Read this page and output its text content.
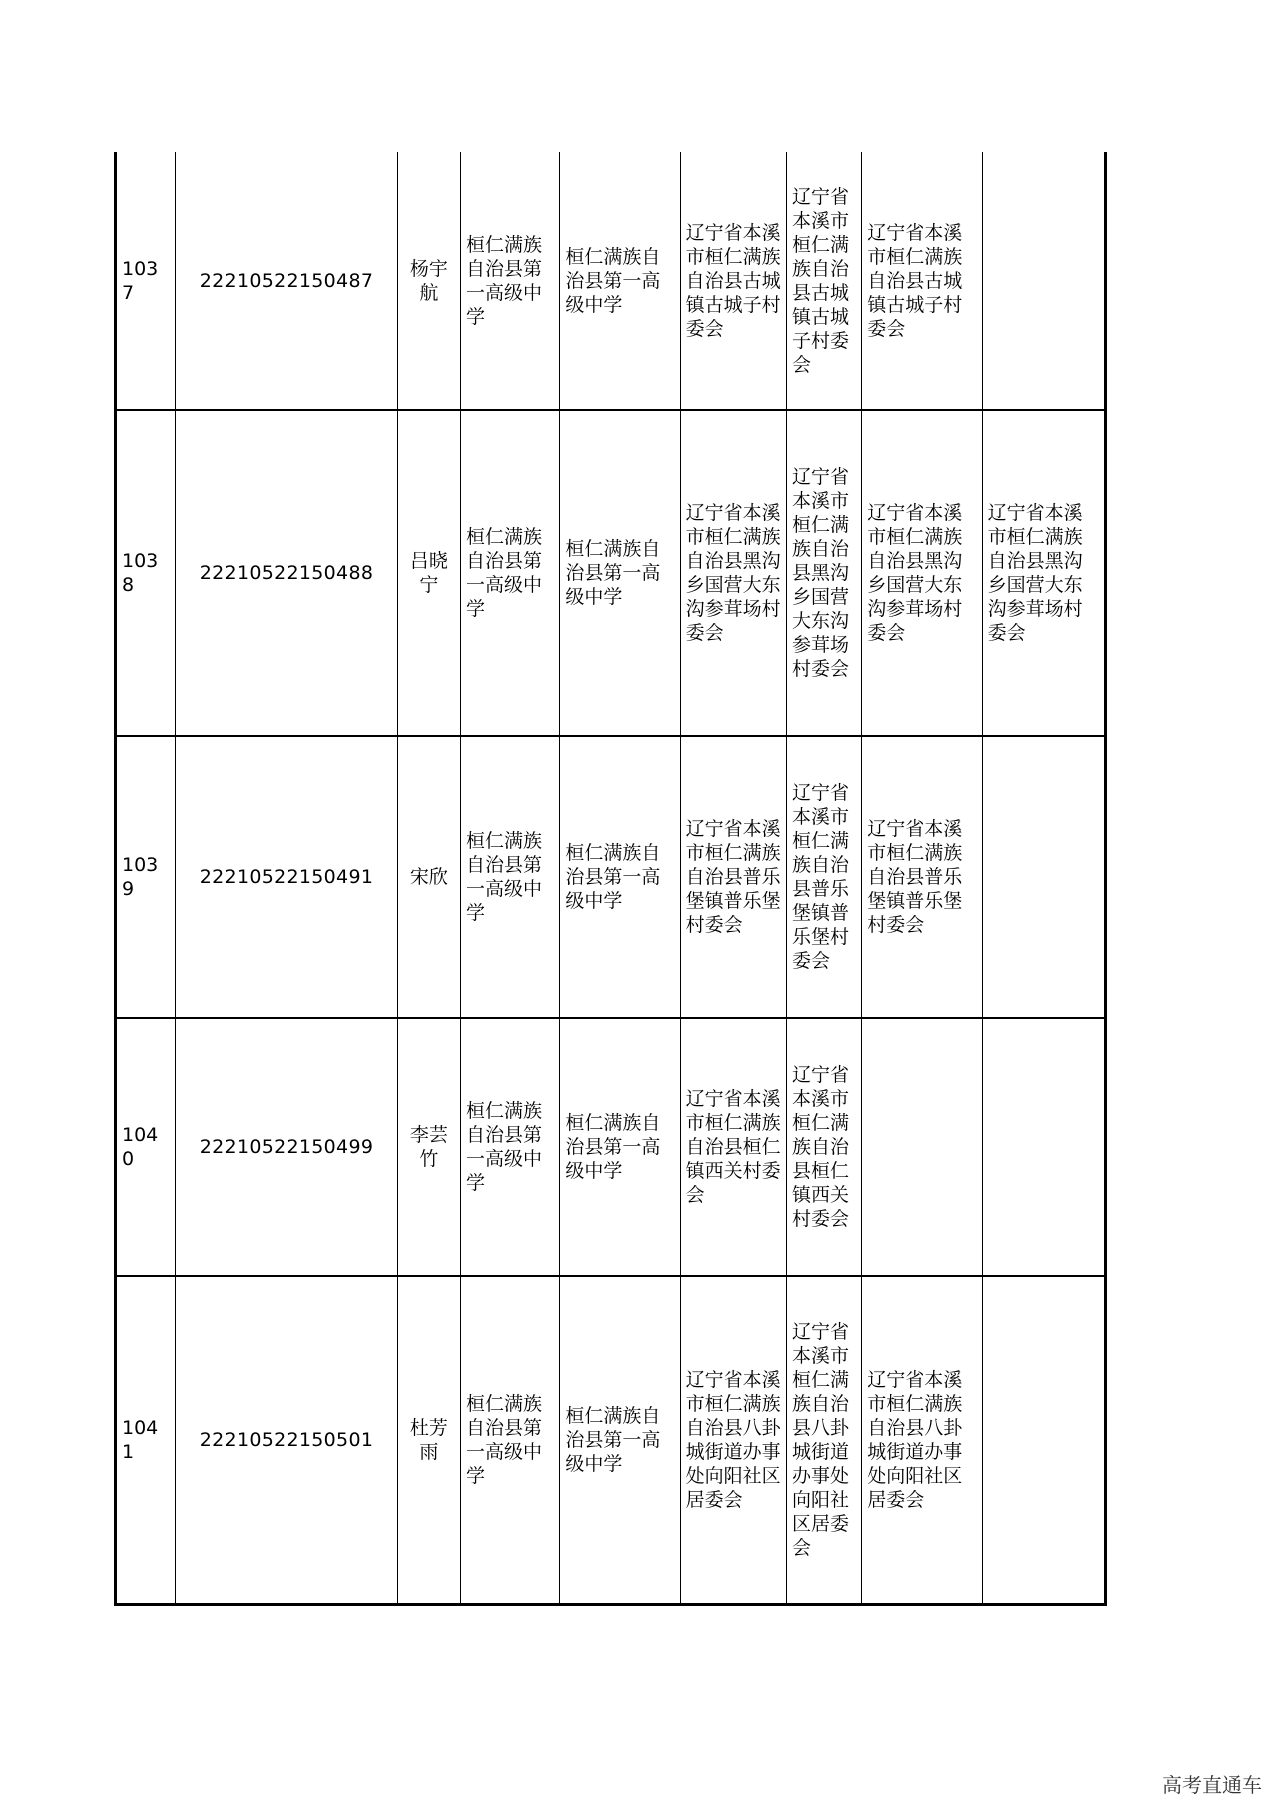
1037	22210522150487	杨宇航	桓仁满族自治县第一高级中学	桓仁满族自治县第一高级中学	辽宁省本溪市桓仁满族自治县古城镇古城子村委会	辽宁省本溪市桓仁满族自治县古城镇古城子村委会	辽宁省本溪市桓仁满族自治县古城镇古城子村委会	
1038	22210522150488	吕晓宁	桓仁满族自治县第一高级中学	桓仁满族自治县第一高级中学	辽宁省本溪市桓仁满族自治县黑沟乡国营大东沟参茸场村委会	辽宁省本溪市桓仁满族自治县黑沟乡国营大东沟参茸场村委会	辽宁省本溪市桓仁满族自治县黑沟乡国营大东沟参茸场村委会	辽宁省本溪市桓仁满族自治县黑沟乡国营大东沟参茸场村委会
1039	22210522150491	宋欣	桓仁满族自治县第一高级中学	桓仁满族自治县第一高级中学	辽宁省本溪市桓仁满族自治县普乐堡镇普乐堡村委会	辽宁省本溪市桓仁满族自治县普乐堡镇普乐堡村委会	辽宁省本溪市桓仁满族自治县普乐堡镇普乐堡村委会	
1040	22210522150499	李芸竹	桓仁满族自治县第一高级中学	桓仁满族自治县第一高级中学	辽宁省本溪市桓仁满族自治县桓仁镇西关村委会	辽宁省本溪市桓仁满族自治县桓仁镇西关村委会		
1041	22210522150501	杜芳雨	桓仁满族自治县第一高级中学	桓仁满族自治县第一高级中学	辽宁省本溪市桓仁满族自治县八卦城街道办事处向阳社区居委会	辽宁省本溪市桓仁满族自治县八卦城街道办事处向阳社区居委会	辽宁省本溪市桓仁满族自治县八卦城街道办事处向阳社区居委会	
高考直通车
